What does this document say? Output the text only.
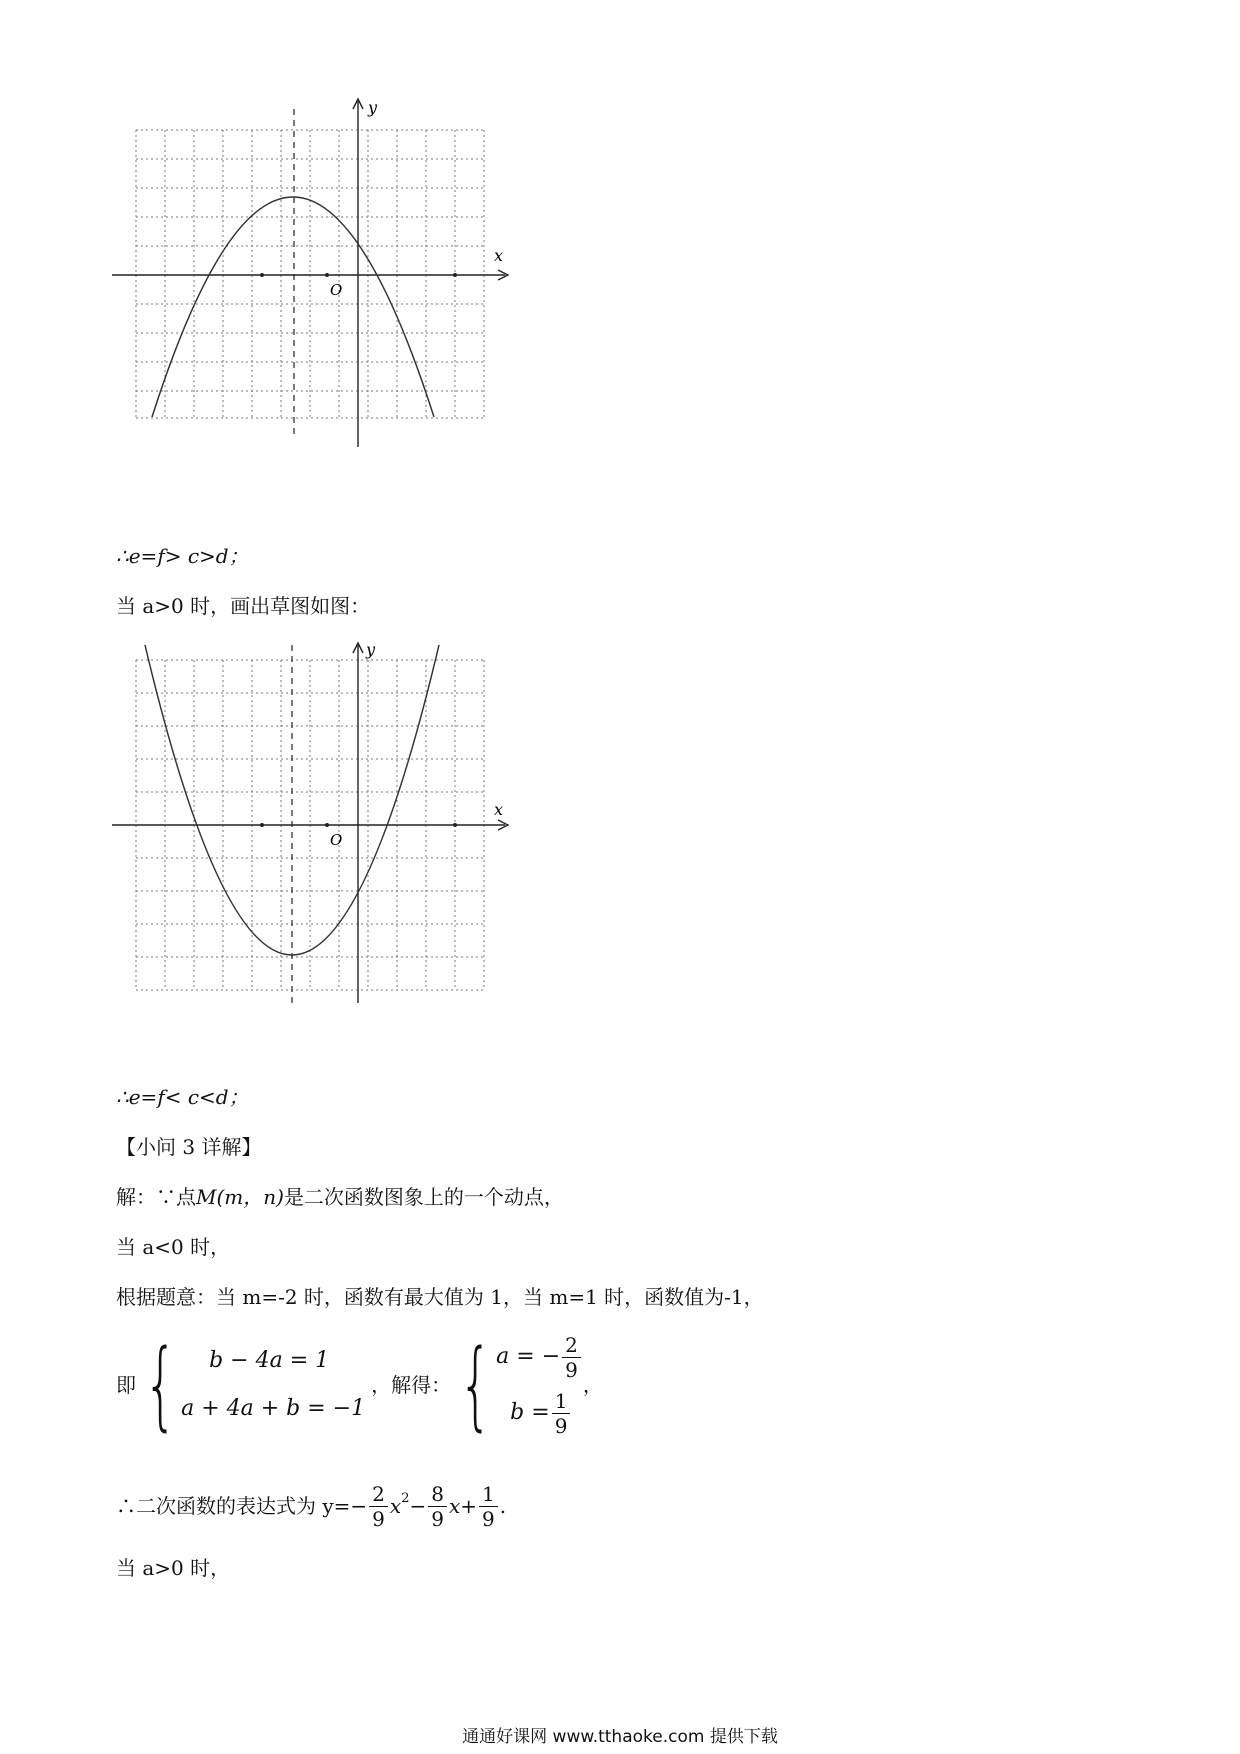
x
y
O
∴e=f> c>d；
当 a>0 时，画出草图如图：
x
y
O
∴e=f< c<d；
【小问 3 详解】
解：∵点 M(m，n) 是二次函数图象上的一个动点，
当 a<0 时，
根据题意：当 m=-2 时，函数有最大值为 1，当 m=1 时，函数值为-1，
即 {	b − 4a = 1
a + 4a + b = −1
，解得： { a = − $\frac{2}{9}$
$b = \frac{1}{9}$
，
∴二次函数的表达式为 $y=- \frac{2}{9} x^2 - \frac{8}{9} x+ \frac{1}{9}$ .
当 a>0 时，
通通好课网 www.tthaoke.com 提供下载
